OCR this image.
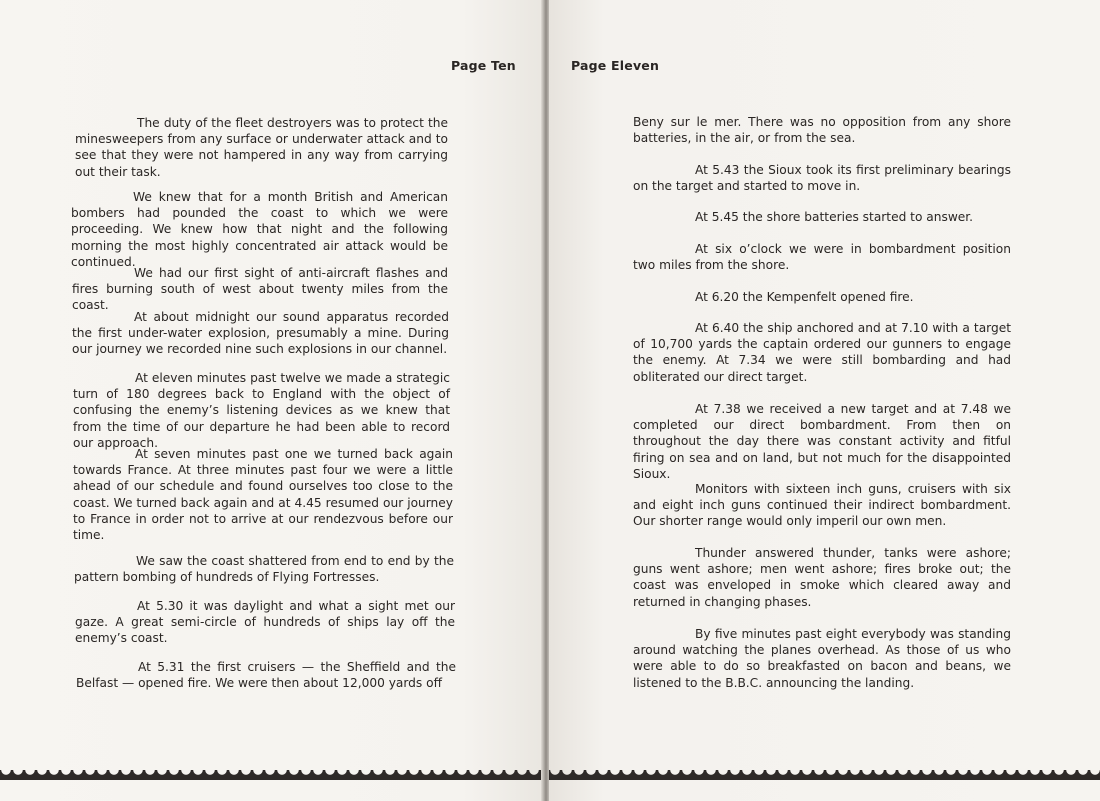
Page Ten

The duty of the fleet destroyers was to protect the minesweepers from any surface or underwater attack and to see that they were not hampered in any way from carrying out their task.

We knew that for a month British and American bombers had pounded the coast to which we were proceeding. We knew how that night and the following morning the most highly concentrated air attack would be continued.

We had our first sight of anti-aircraft flashes and fires burning south of west about twenty miles from the coast.

At about midnight our sound apparatus recorded the first under-water explosion, presumably a mine. During our journey we recorded nine such explosions in our channel.

At eleven minutes past twelve we made a strategic turn of 180 degrees back to England with the object of confusing the enemy’s listening devices as we knew that from the time of our departure he had been able to record our approach.

At seven minutes past one we turned back again towards France. At three minutes past four we were a little ahead of our schedule and found ourselves too close to the coast. We turned back again and at 4.45 resumed our journey to France in order not to arrive at our rendezvous before our time.

We saw the coast shattered from end to end by the pattern bombing of hundreds of Flying Fortresses.

At 5.30 it was daylight and what a sight met our gaze. A great semi-circle of hundreds of ships lay off the enemy’s coast.

At 5.31 the first cruisers — the Sheffield and the Belfast — opened fire. We were then about 12,000 yards off

Page Eleven

Beny sur le mer. There was no opposition from any shore batteries, in the air, or from the sea.

At 5.43 the Sioux took its first preliminary bearings on the target and started to move in.

At 5.45 the shore batteries started to answer.

At six o’clock we were in bombardment position two miles from the shore.

At 6.20 the Kempenfelt opened fire.

At 6.40 the ship anchored and at 7.10 with a target of 10,700 yards the captain ordered our gunners to engage the enemy. At 7.34 we were still bombarding and had obliterated our direct target.

At 7.38 we received a new target and at 7.48 we completed our direct bombardment. From then on throughout the day there was constant activity and fitful firing on sea and on land, but not much for the disappointed Sioux.

Monitors with sixteen inch guns, cruisers with six and eight inch guns continued their indirect bombardment. Our shorter range would only imperil our own men.

Thunder answered thunder, tanks were ashore; guns went ashore; men went ashore; fires broke out; the coast was enveloped in smoke which cleared away and returned in changing phases.

By five minutes past eight everybody was standing around watching the planes overhead. As those of us who were able to do so breakfasted on bacon and beans, we listened to the B.B.C. announcing the landing.
